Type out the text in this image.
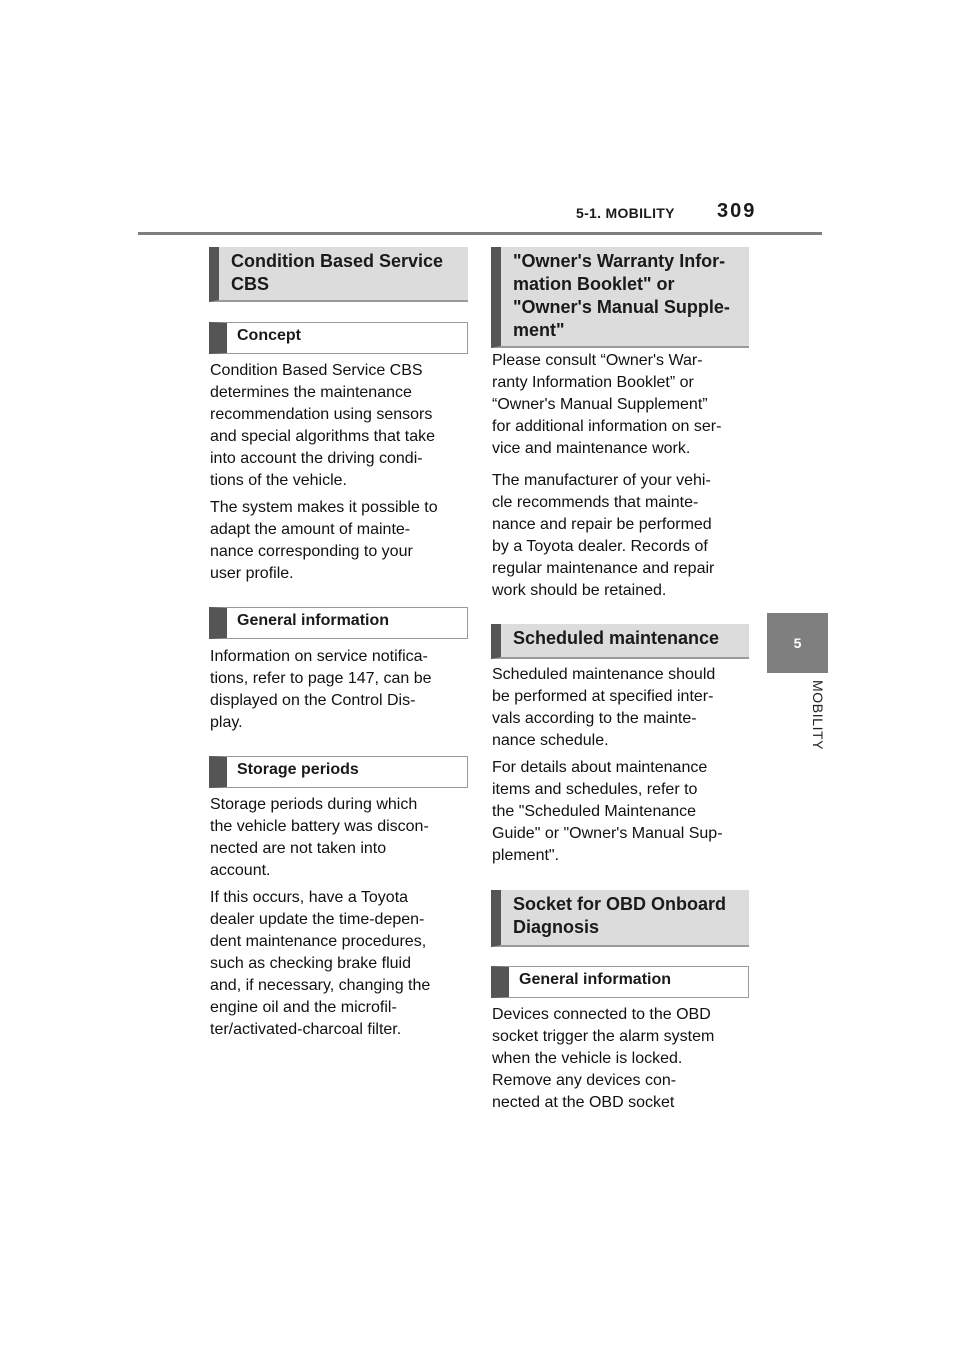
5-1. MOBILITY	309
5
MOBILITY
Condition Based Service
CBS
Concept

Condition Based Service CBS
determines the maintenance
recommendation using sensors
and special algorithms that take
into account the driving condi-
tions of the vehicle.

The system makes it possible to
adapt the amount of mainte-
nance corresponding to your
user profile.

General information

Information on service notifica-
tions, refer to page 147, can be
displayed on the Control Dis-
play.

Storage periods

Storage periods during which
the vehicle battery was discon-
nected are not taken into
account.

If this occurs, have a Toyota
dealer update the time-depen-
dent maintenance procedures,
such as checking brake fluid
and, if necessary, changing the
engine oil and the microfil-
ter/activated-charcoal filter.

"Owner's Warranty Infor-
mation Booklet" or
"Owner's Manual Supple-
ment"

Please consult “Owner's War-
ranty Information Booklet” or
“Owner's Manual Supplement”
for additional information on ser-
vice and maintenance work.

The manufacturer of your vehi-
cle recommends that mainte-
nance and repair be performed
by a Toyota dealer. Records of
regular maintenance and repair
work should be retained.

Scheduled maintenance

Scheduled maintenance should
be performed at specified inter-
vals according to the mainte-
nance schedule.

For details about maintenance
items and schedules, refer to
the "Scheduled Maintenance
Guide" or "Owner's Manual Sup-
plement".

Socket for OBD Onboard
Diagnosis
General information

Devices connected to the OBD
socket trigger the alarm system
when the vehicle is locked.
Remove any devices con-
nected at the OBD socket
